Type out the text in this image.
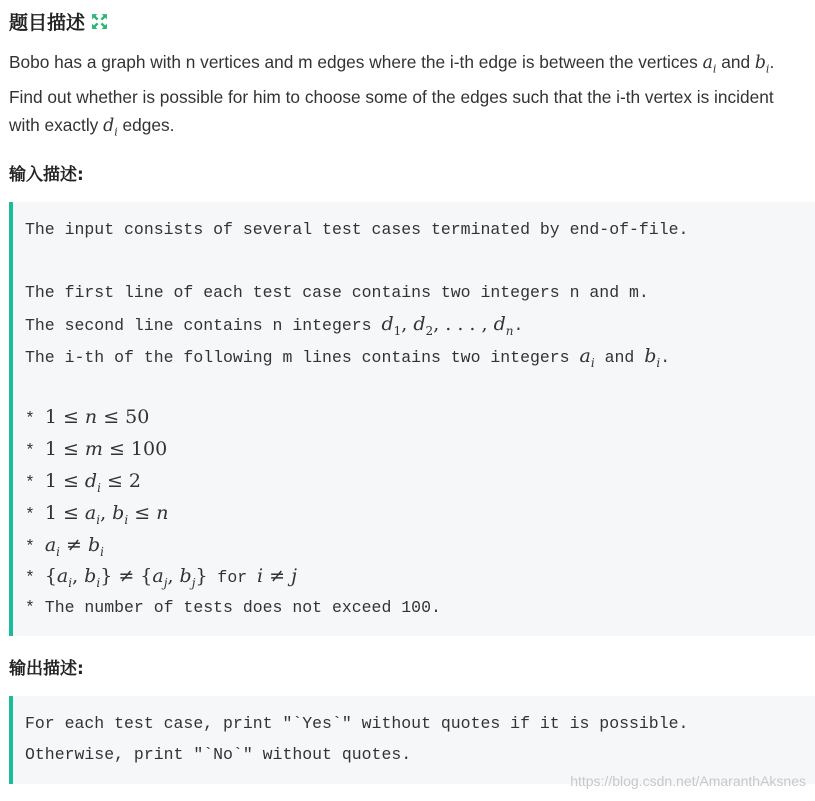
题目描述
Bobo has a graph with n vertices and m edges where the i-th edge is between the vertices $a_i$ and $b_i$.
Find out whether is possible for him to choose some of the edges such that the i-th vertex is incident
with exactly $d_i$ edges.
输入描述:
The input consists of several test cases terminated by end-of-file.
The first line of each test case contains two integers n and m.
The second line contains n integers $d_1$, $d_2$, . . . , $d_n$.
The i-th of the following m lines contains two integers $a_i$ and $b_i$.
* 1 ≤ n ≤ 50
* 1 ≤ m ≤ 100
* $1 \le d_i \le 2$
* $1 \le a_i$, $b_i \le n$
* $a_i \ne b_i$
* {$a_i$, $b_i\} \ne \{a_j$, $b_j$} for i ≠ j
* The number of tests does not exceed 100.
输出描述:
For each test case, print "`Yes`" without quotes if it is possible.
Otherwise, print "`No`" without quotes.
https://blog.csdn.net/AmaranthAksnes
